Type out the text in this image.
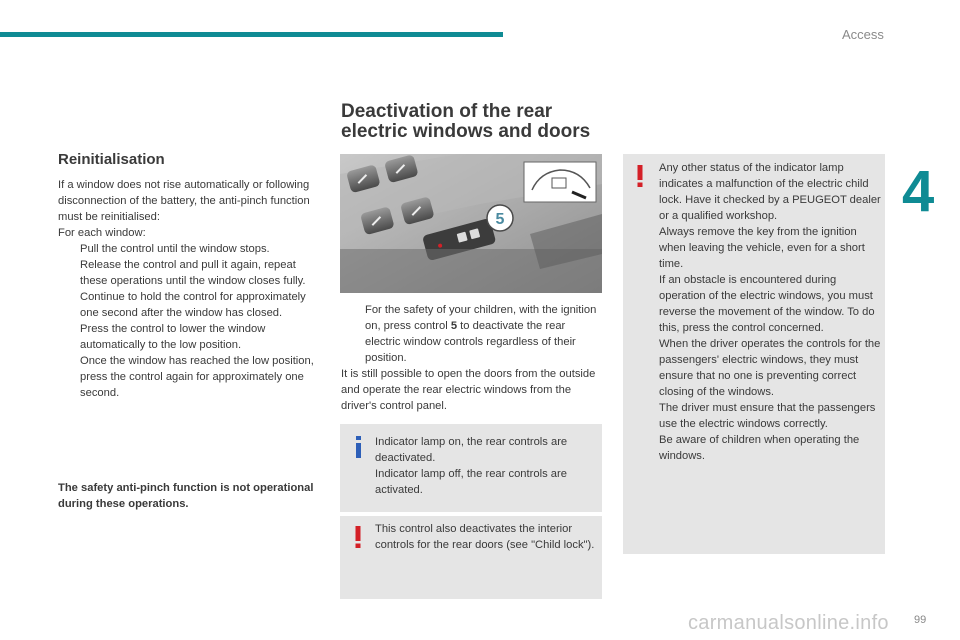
Access
4
Reinitialisation

If a window does not rise automatically or following disconnection of the battery, the anti-pinch function must be reinitialised:

For each window:

Pull the control until the window stops.
Release the control and pull it again, repeat these operations until the window closes fully.
Continue to hold the control for approximately one second after the window has closed.
Press the control to lower the window automatically to the low position.
Once the window has reached the low position, press the control again for approximately one second.
The safety anti-pinch function is not operational during these operations.
Deactivation of the rear
electric windows and doors
5
For the safety of your children, with the ignition on, press control 5 to deactivate the rear electric window controls regardless of their position.

It is still possible to open the doors from the outside and operate the rear electric windows from the driver's control panel.

Indicator lamp on, the rear controls are deactivated.
Indicator lamp off, the rear controls are activated.
This control also deactivates the interior controls for the rear doors (see "Child lock").
Any other status of the indicator lamp indicates a malfunction of the electric child lock. Have it checked by a PEUGEOT dealer or a qualified workshop.
Always remove the key from the ignition when leaving the vehicle, even for a short time.
If an obstacle is encountered during operation of the electric windows, you must reverse the movement of the window. To do this, press the control concerned.
When the driver operates the controls for the passengers' electric windows, they must ensure that no one is preventing correct closing of the windows.
The driver must ensure that the passengers use the electric windows correctly.
Be aware of children when operating the windows.
carmanualsonline.info 99
